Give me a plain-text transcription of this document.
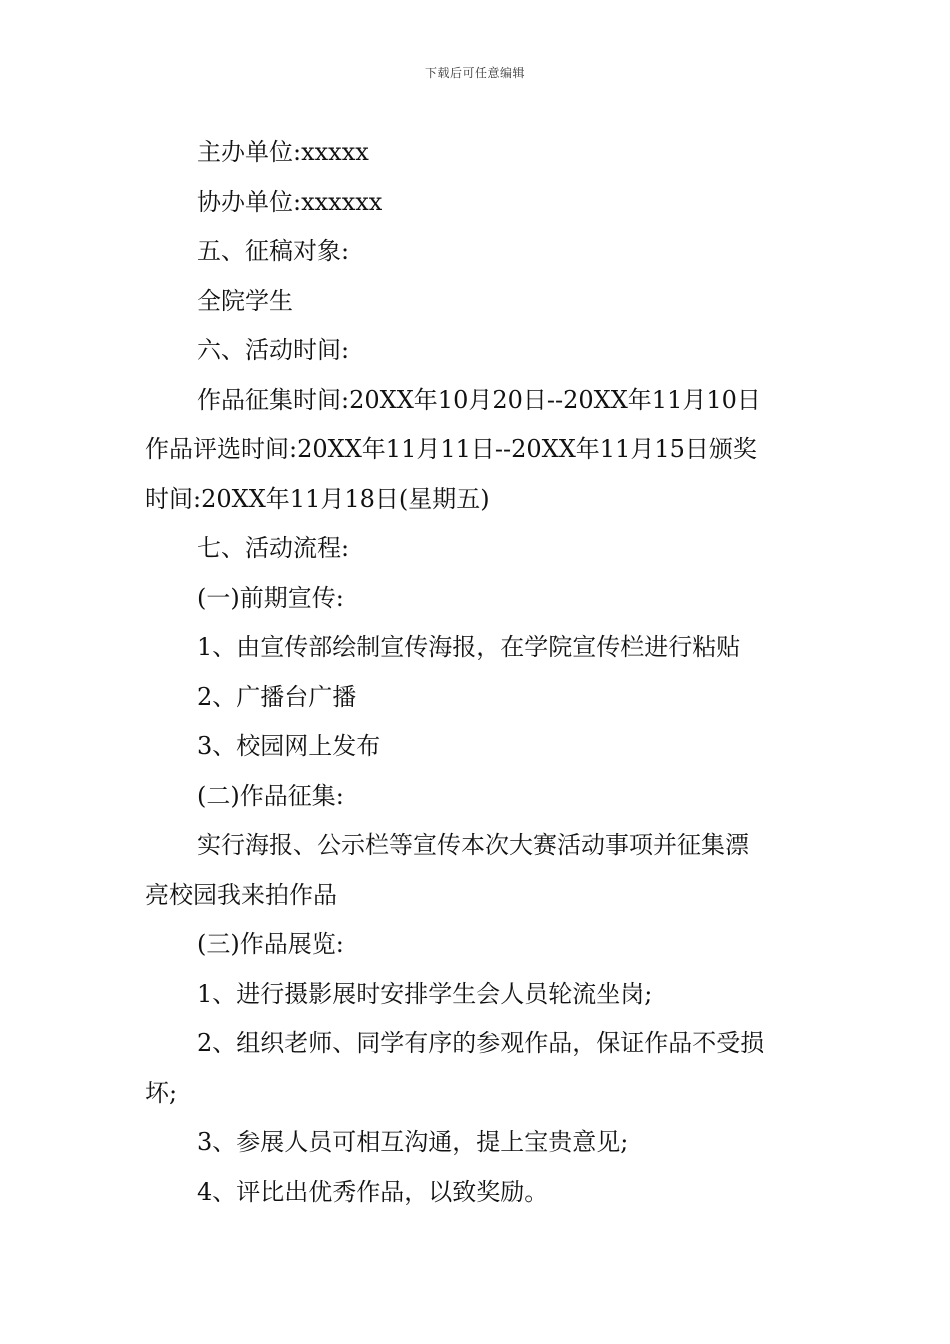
下载后可任意编辑
主办单位:xxxxx
协办单位:xxxxxx
五、征稿对象:
全院学生
六、活动时间:
作品征集时间:20XX年10月20日--20XX年11月10日
作品评选时间:20XX年11月11日--20XX年11月15日颁奖
时间:20XX年11月18日(星期五)
七、活动流程:
(一)前期宣传:
1、由宣传部绘制宣传海报，在学院宣传栏进行粘贴
2、广播台广播
3、校园网上发布
(二)作品征集:
实行海报、公示栏等宣传本次大赛活动事项并征集漂
亮校园我来拍作品
(三)作品展览:
1、进行摄影展时安排学生会人员轮流坐岗;
2、组织老师、同学有序的参观作品，保证作品不受损
坏;
3、参展人员可相互沟通，提上宝贵意见;
4、评比出优秀作品，以致奖励。
